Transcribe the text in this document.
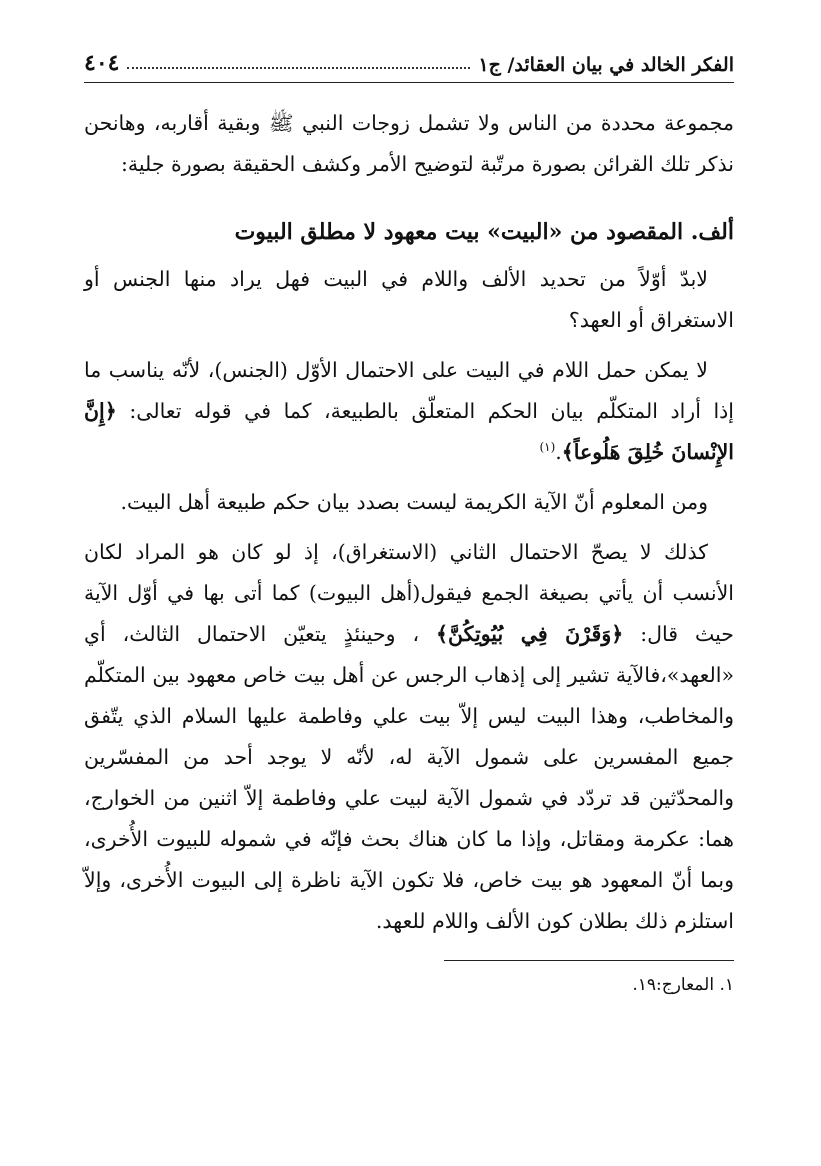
الفكر الخالد في بيان العقائد/ ج١
٤٠٤

مجموعة محددة من الناس ولا تشمل زوجات النبي ﷺ وبقية أقاربه، وهانحن نذكر تلك القرائن بصورة مرتّبة لتوضيح الأمر وكشف الحقيقة بصورة جلية:

ألف. المقصود من «البيت» بيت معهود لا مطلق البيوت

لابدّ أوّلاً من تحديد الألف واللام في البيت فهل يراد منها الجنس أو الاستغراق أو العهد؟

لا يمكن حمل اللام في البيت على الاحتمال الأوّل (الجنس)، لأنّه يناسب ما إذا أراد المتكلّم بيان الحكم المتعلّق بالطبيعة، كما في قوله تعالى: ﴿إِنَّ الإِنْسانَ خُلِقَ هَلُوعاً﴾.$^{(١)}$

ومن المعلوم أنّ الآية الكريمة ليست بصدد بيان حكم طبيعة أهل البيت.

كذلك لا يصحّ الاحتمال الثاني (الاستغراق)، إذ لو كان هو المراد لكان الأنسب أن يأتي بصيغة الجمع فيقول(أهل البيوت) كما أتى بها في أوّل الآية حيث قال: ﴿وَقَرْنَ فِي بُيُوتِكُنَّ﴾ ، وحينئذٍ يتعيّن الاحتمال الثالث، أي «العهد»،فالآية تشير إلى إذهاب الرجس عن أهل بيت خاص معهود بين المتكلّم والمخاطب، وهذا البيت ليس إلاّ بيت علي وفاطمة عليها السلام الذي يتّفق جميع المفسرين على شمول الآية له، لأنّه لا يوجد أحد من المفسّرين والمحدّثين قد تردّد في شمول الآية لبيت علي وفاطمة إلاّ اثنين من الخوارج، هما: عكرمة ومقاتل، وإذا ما كان هناك بحث فإنّه في شموله للبيوت الأُخرى، وبما أنّ المعهود هو بيت خاص، فلا تكون الآية ناظرة إلى البيوت الأُخرى، وإلاّ استلزم ذلك بطلان كون الألف واللام للعهد.

١. المعارج:١٩.
